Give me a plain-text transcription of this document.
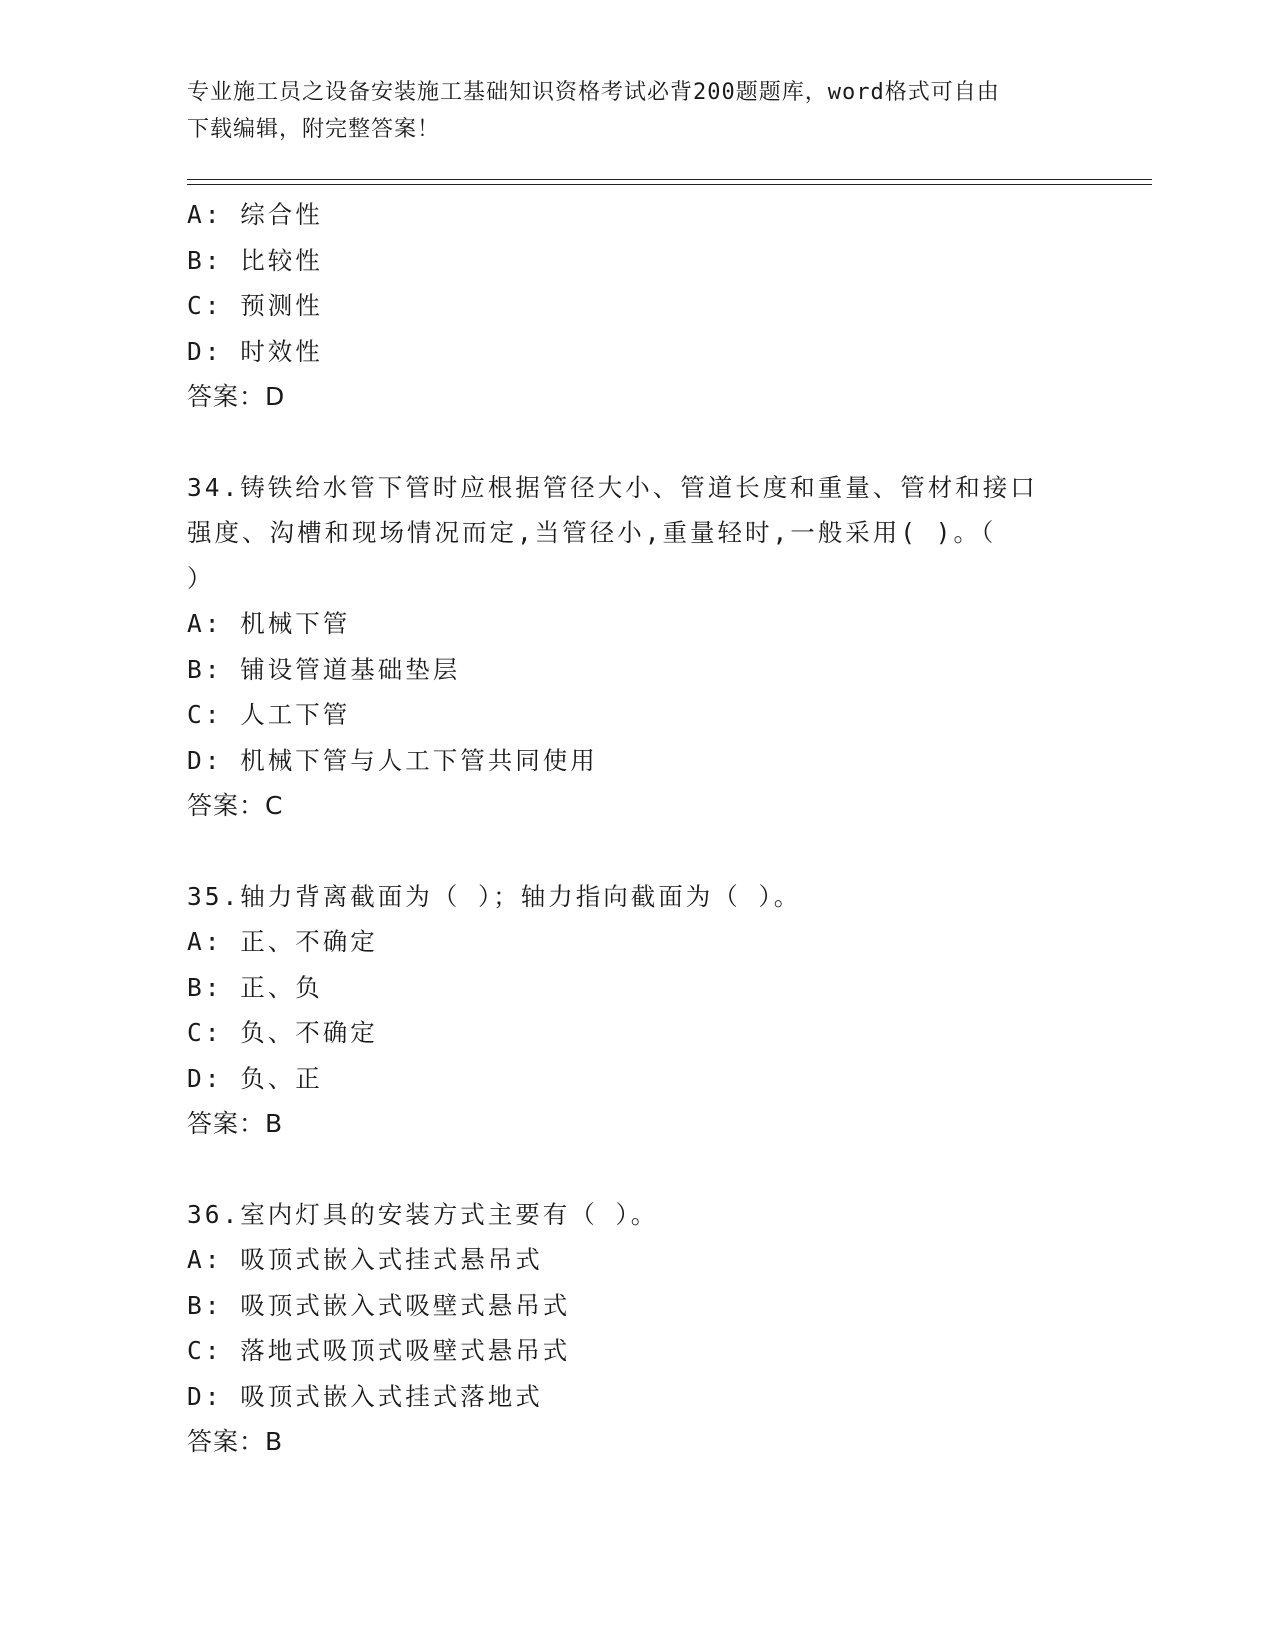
专业施工员之设备安装施工基础知识资格考试必背200题题库，word格式可自由
下载编辑，附完整答案！
A: 综合性
B: 比较性
C: 预测性
D: 时效性
答案：D
34.铸铁给水管下管时应根据管径大小、管道长度和重量、管材和接口
强度、沟槽和现场情况而定,当管径小,重量轻时,一般采用( )。（
）
A: 机械下管
B: 铺设管道基础垫层
C: 人工下管
D: 机械下管与人工下管共同使用
答案：C
35.轴力背离截面为（ ）；轴力指向截面为（ ）。
A: 正、不确定
B: 正、负
C: 负、不确定
D: 负、正
答案：B
36.室内灯具的安装方式主要有（ ）。
A: 吸顶式嵌入式挂式悬吊式
B: 吸顶式嵌入式吸壁式悬吊式
C: 落地式吸顶式吸壁式悬吊式
D: 吸顶式嵌入式挂式落地式
答案：B
